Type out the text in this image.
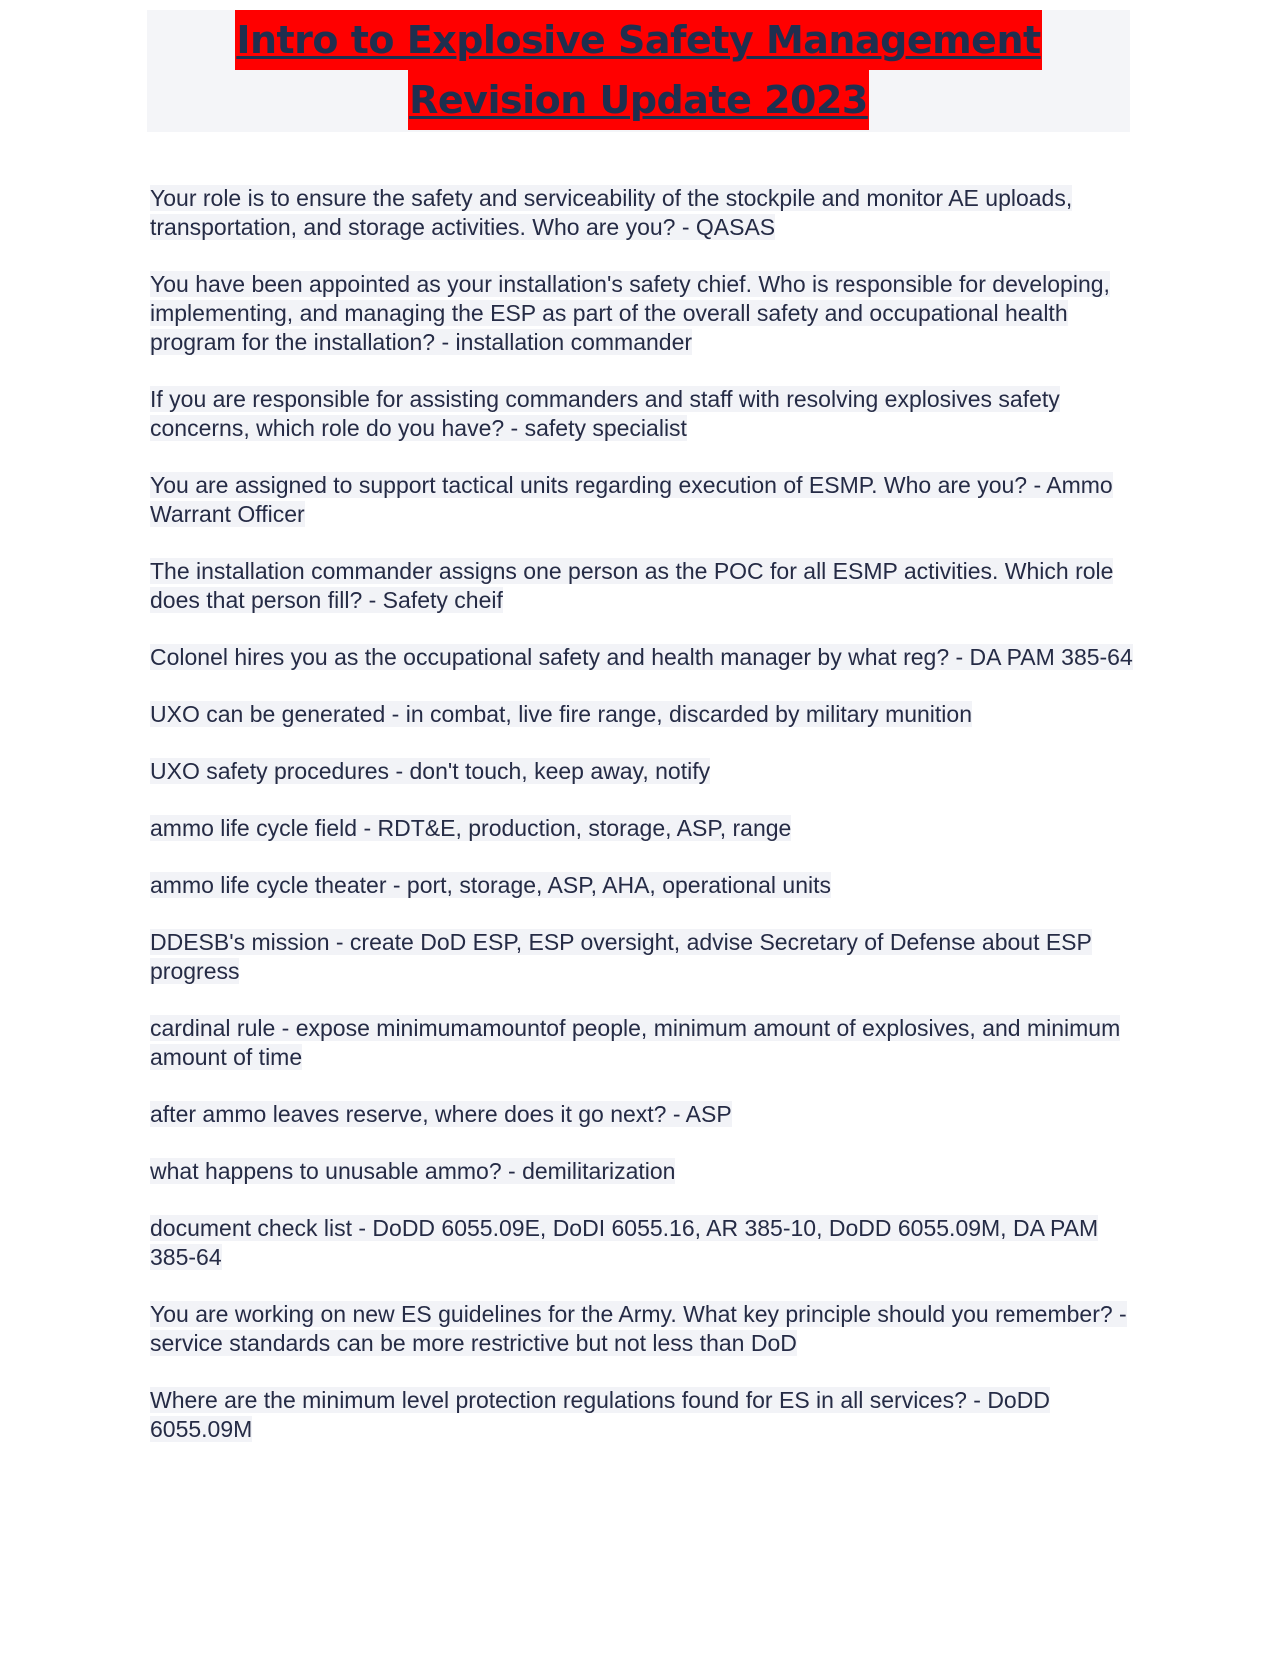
Intro to Explosive Safety Management
Revision Update 2023

Your role is to ensure the safety and serviceability of the stockpile and monitor AE uploads, transportation, and storage activities. Who are you? - QASAS

You have been appointed as your installation's safety chief. Who is responsible for developing, implementing, and managing the ESP as part of the overall safety and occupational health program for the installation? - installation commander

If you are responsible for assisting commanders and staff with resolving explosives safety concerns, which role do you have? - safety specialist

You are assigned to support tactical units regarding execution of ESMP. Who are you? - Ammo Warrant Officer

The installation commander assigns one person as the POC for all ESMP activities. Which role does that person fill? - Safety cheif

Colonel hires you as the occupational safety and health manager by what reg? - DA PAM 385-64

UXO can be generated - in combat, live fire range, discarded by military munition

UXO safety procedures - don't touch, keep away, notify

ammo life cycle field - RDT&E, production, storage, ASP, range

ammo life cycle theater - port, storage, ASP, AHA, operational units

DDESB's mission - create DoD ESP, ESP oversight, advise Secretary of Defense about ESP progress

cardinal rule - expose minimumamountof people, minimum amount of explosives, and minimum amount of time

after ammo leaves reserve, where does it go next? - ASP

what happens to unusable ammo? - demilitarization

document check list - DoDD 6055.09E, DoDI 6055.16, AR 385-10, DoDD 6055.09M, DA PAM 385-64

You are working on new ES guidelines for the Army. What key principle should you remember? - service standards can be more restrictive but not less than DoD

Where are the minimum level protection regulations found for ES in all services? - DoDD 6055.09M
